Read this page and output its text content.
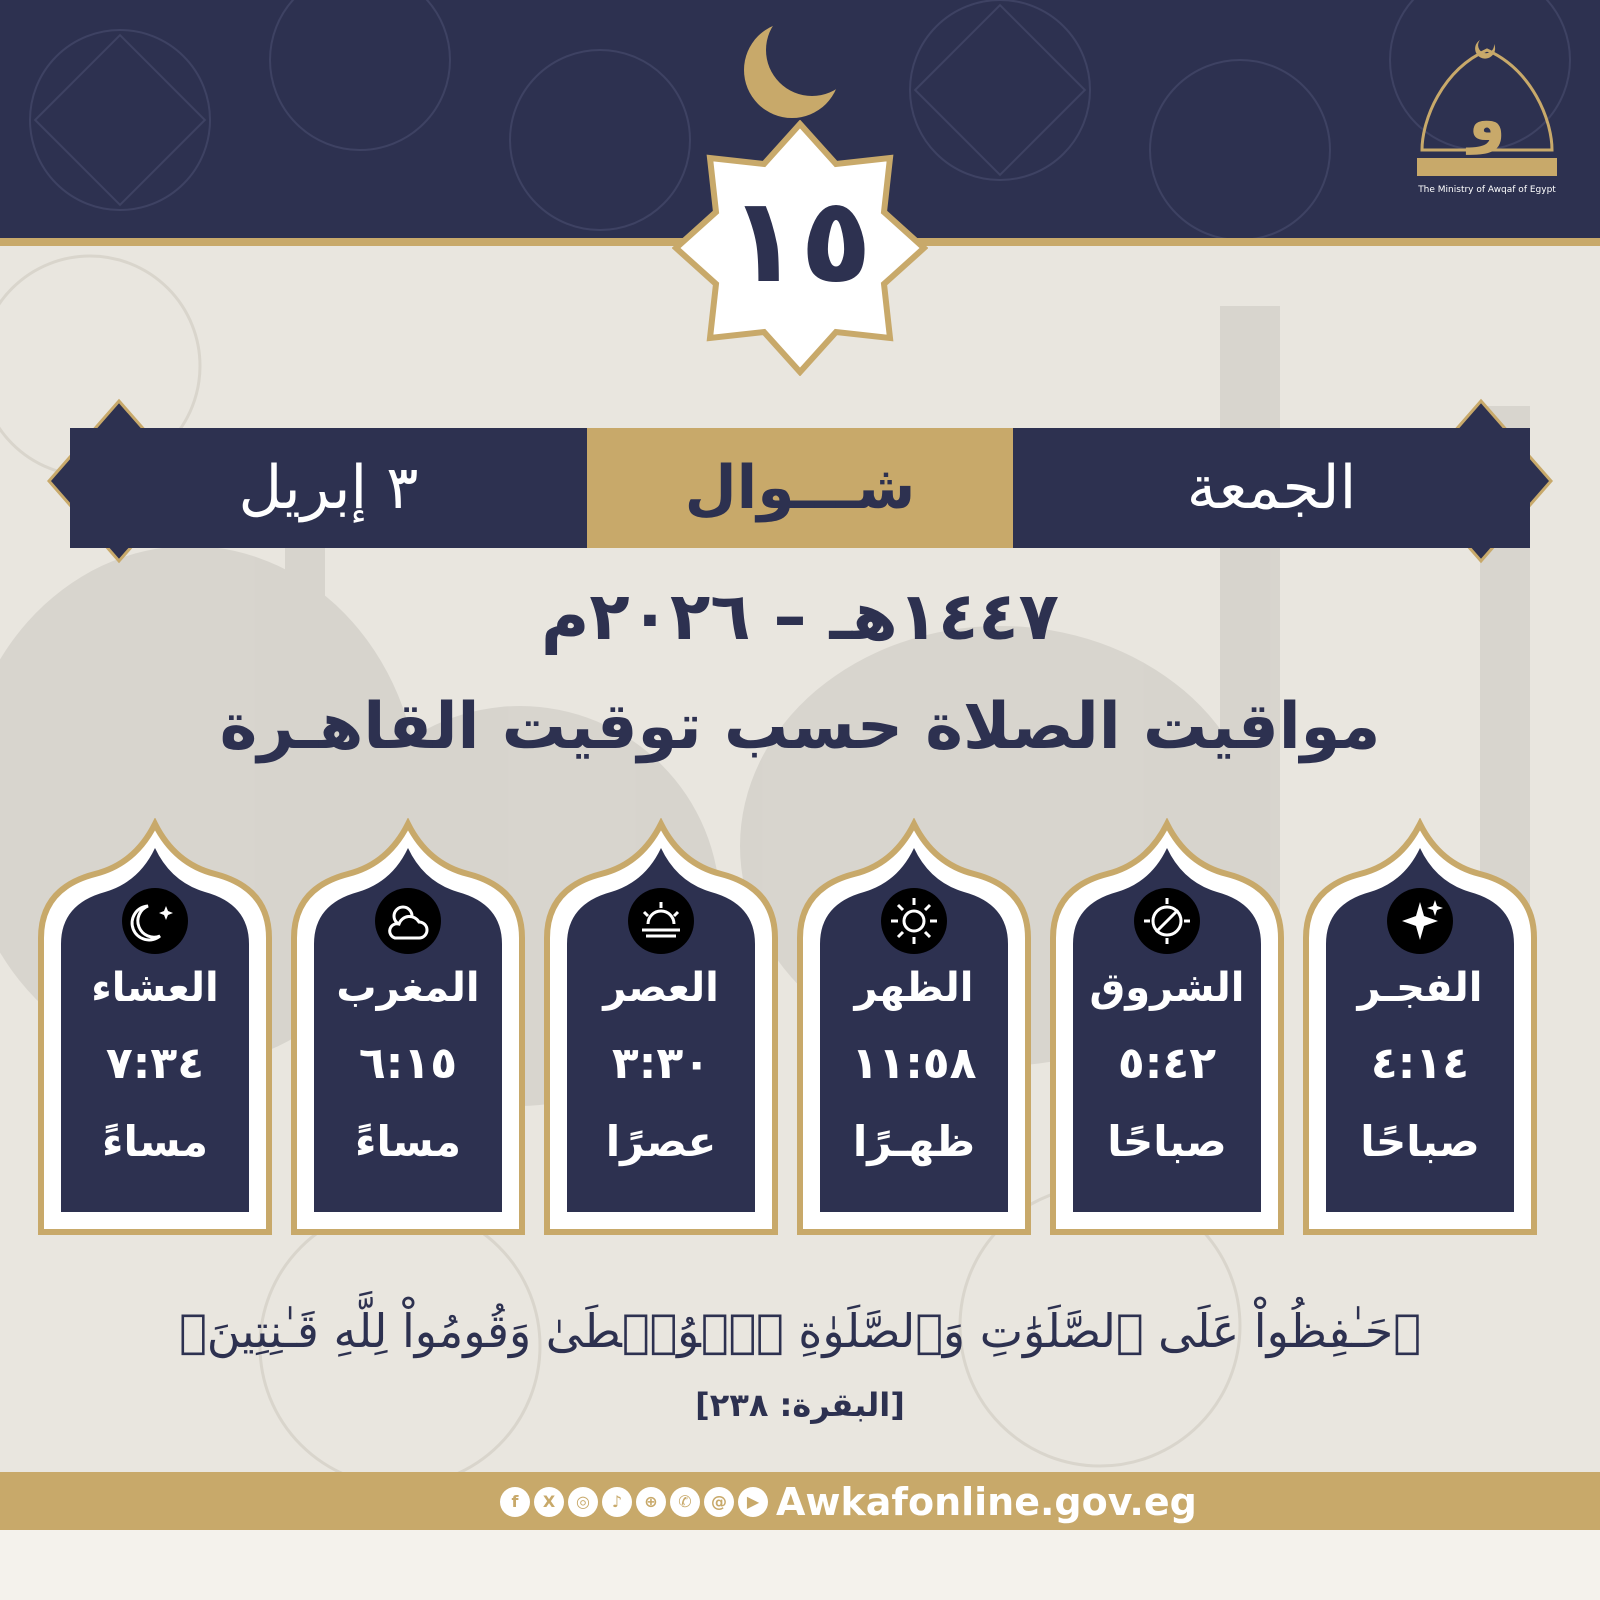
و
The Ministry of Awqaf of Egypt
١٥
٣ إبريل	شـــوال	الجمعة
١٤٤٧هـ – ٢٠٢٦م
مواقيت الصلاة حسب توقيت القاهـرة
الفجـر
٤:١٤
صباحًا
الشروق
٥:٤٢
صباحًا
الظهر
١١:٥٨
ظهـرًا
العصر
٣:٣٠
عصرًا
المغرب
٦:١٥
مساءً
العشاء
٧:٣٤
مساءً
﴿حَـٰفِظُواْ عَلَى ٱلصَّلَوَٰتِ وَٱلصَّلَوٰةِ ٱلۡوُسۡطَىٰ وَقُومُواْ لِلَّهِ قَـٰنِتِينَ﴾
[البقرة: ٢٣٨]
f	X	◎	♪	⊕	✆	@	▶ Awkafonline.gov.eg
